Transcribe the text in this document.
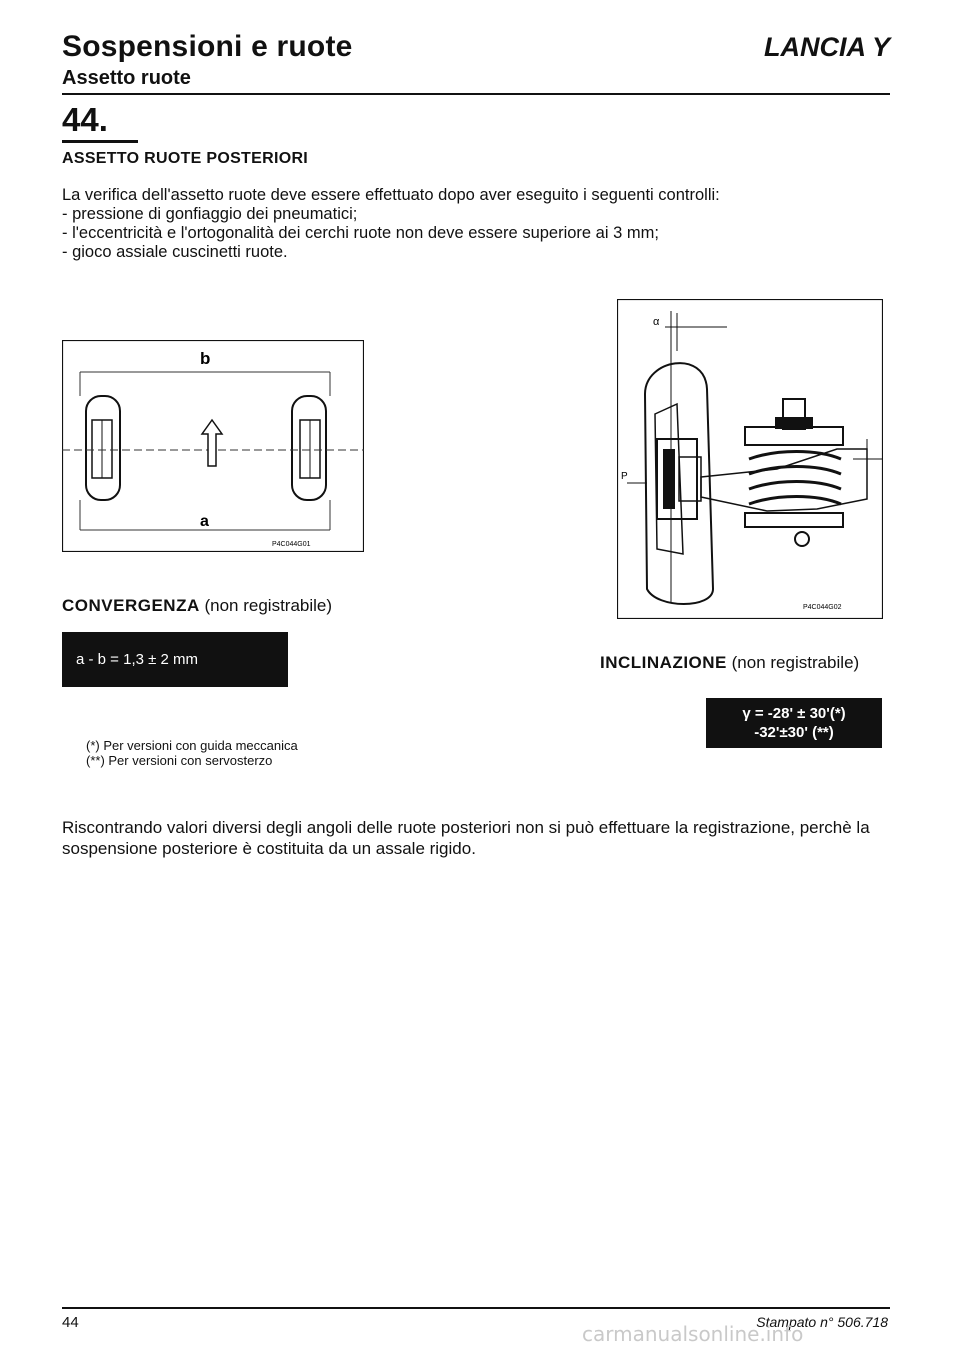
Sospensioni e ruote
Assetto ruote
LANCIA Y
44.
ASSETTO RUOTE POSTERIORI
La verifica dell'assetto ruote deve essere effettuato dopo aver eseguito i seguenti controlli:
- pressione di gonfiaggio dei pneumatici;
- l'eccentricità e l'ortogonalità dei cerchi ruote non deve essere superiore ai 3 mm;
- gioco assiale cuscinetti ruote.
b
a
P4C044G01
CONVERGENZA (non registrabile)
a - b = 1,3 ± 2 mm
(*) Per versioni con guida meccanica
(**) Per versioni con servosterzo
α
P
P4C044G02
INCLINAZIONE (non registrabile)
γ = -28' ± 30'(*)
-32'±30' (**)
Riscontrando valori diversi degli angoli delle ruote posteriori non si può effettuare la registrazione, perchè la sospensione posteriore è costituita da un assale rigido.
44	Stampato n° 506.718
carmanualsonline.info
